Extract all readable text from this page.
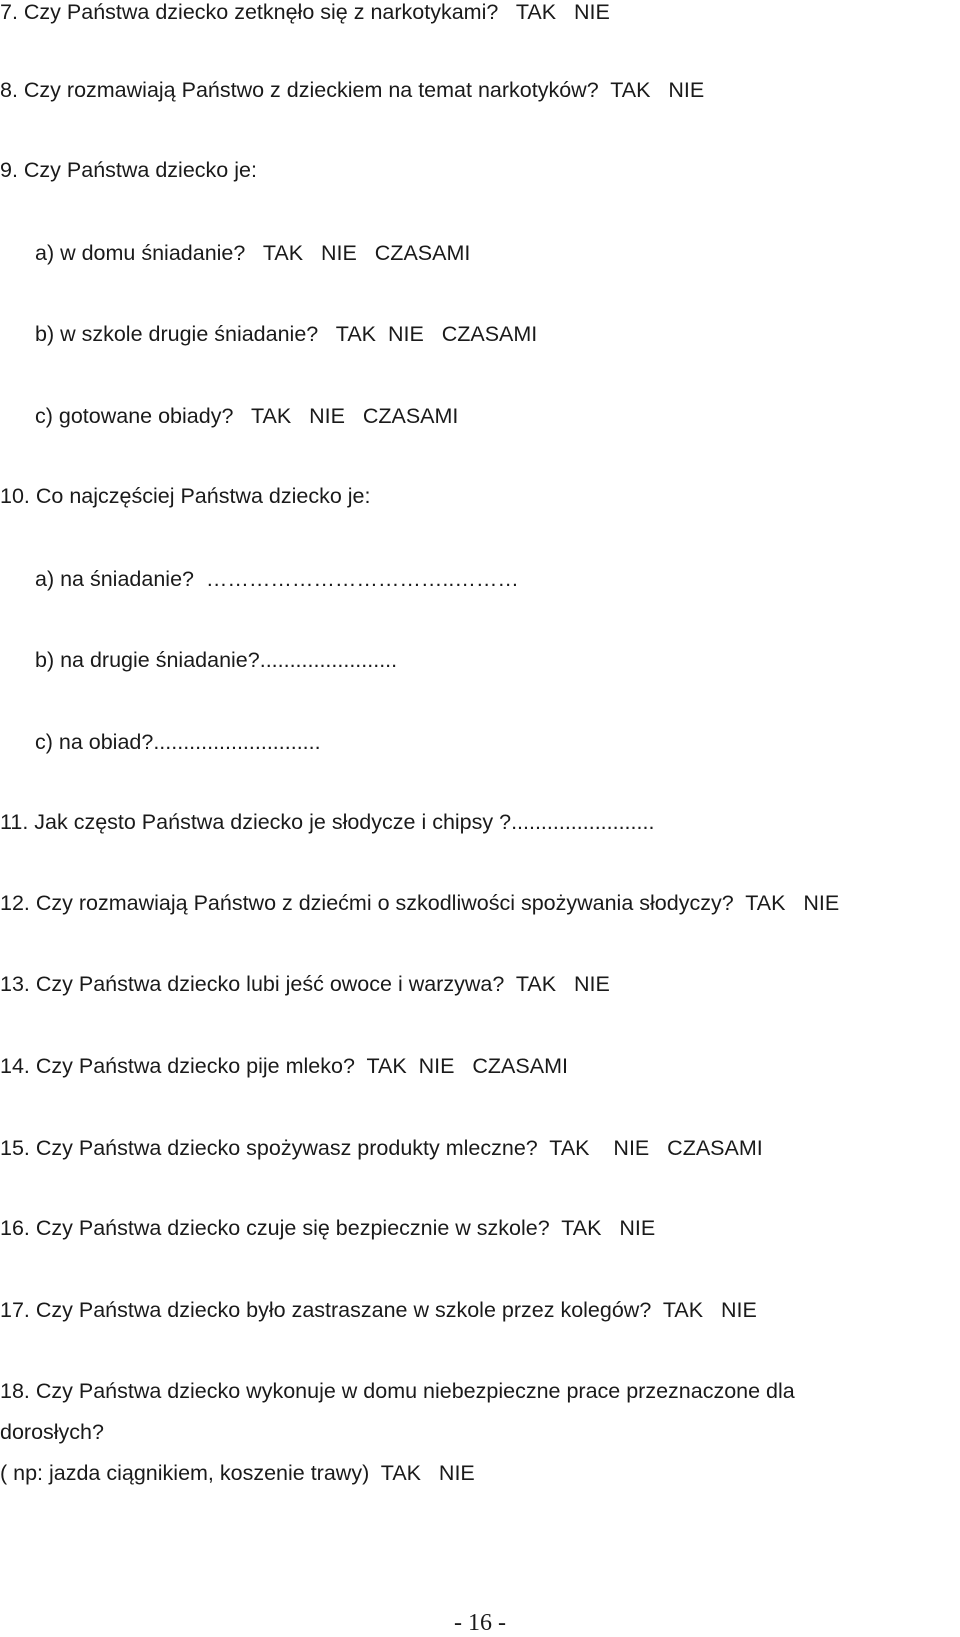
7. Czy Państwa dziecko zetknęło się z narkotykami?   TAK   NIE
8. Czy rozmawiają Państwo z dzieckiem na temat narkotyków?  TAK   NIE
9. Czy Państwa dziecko je:
a) w domu śniadanie?   TAK   NIE   CZASAMI
b) w szkole drugie śniadanie?   TAK  NIE   CZASAMI
c) gotowane obiady?   TAK   NIE   CZASAMI
10. Co najczęściej Państwa dziecko je:
a) na śniadanie?  ……………………………..………
b) na drugie śniadanie?.......................
c) na obiad?............................
11. Jak często Państwa dziecko je słodycze i chipsy ?........................
12. Czy rozmawiają Państwo z dziećmi o szkodliwości spożywania słodyczy?  TAK   NIE
13. Czy Państwa dziecko lubi jeść owoce i warzywa?  TAK   NIE
14. Czy Państwa dziecko pije mleko?  TAK  NIE   CZASAMI
15. Czy Państwa dziecko spożywasz produkty mleczne?  TAK    NIE   CZASAMI
16. Czy Państwa dziecko czuje się bezpiecznie w szkole?  TAK   NIE
17. Czy Państwa dziecko było zastraszane w szkole przez kolegów?  TAK   NIE
18. Czy Państwa dziecko wykonuje w domu niebezpieczne prace przeznaczone dla
dorosłych?
( np: jazda ciągnikiem, koszenie trawy)  TAK   NIE
- 16 -
